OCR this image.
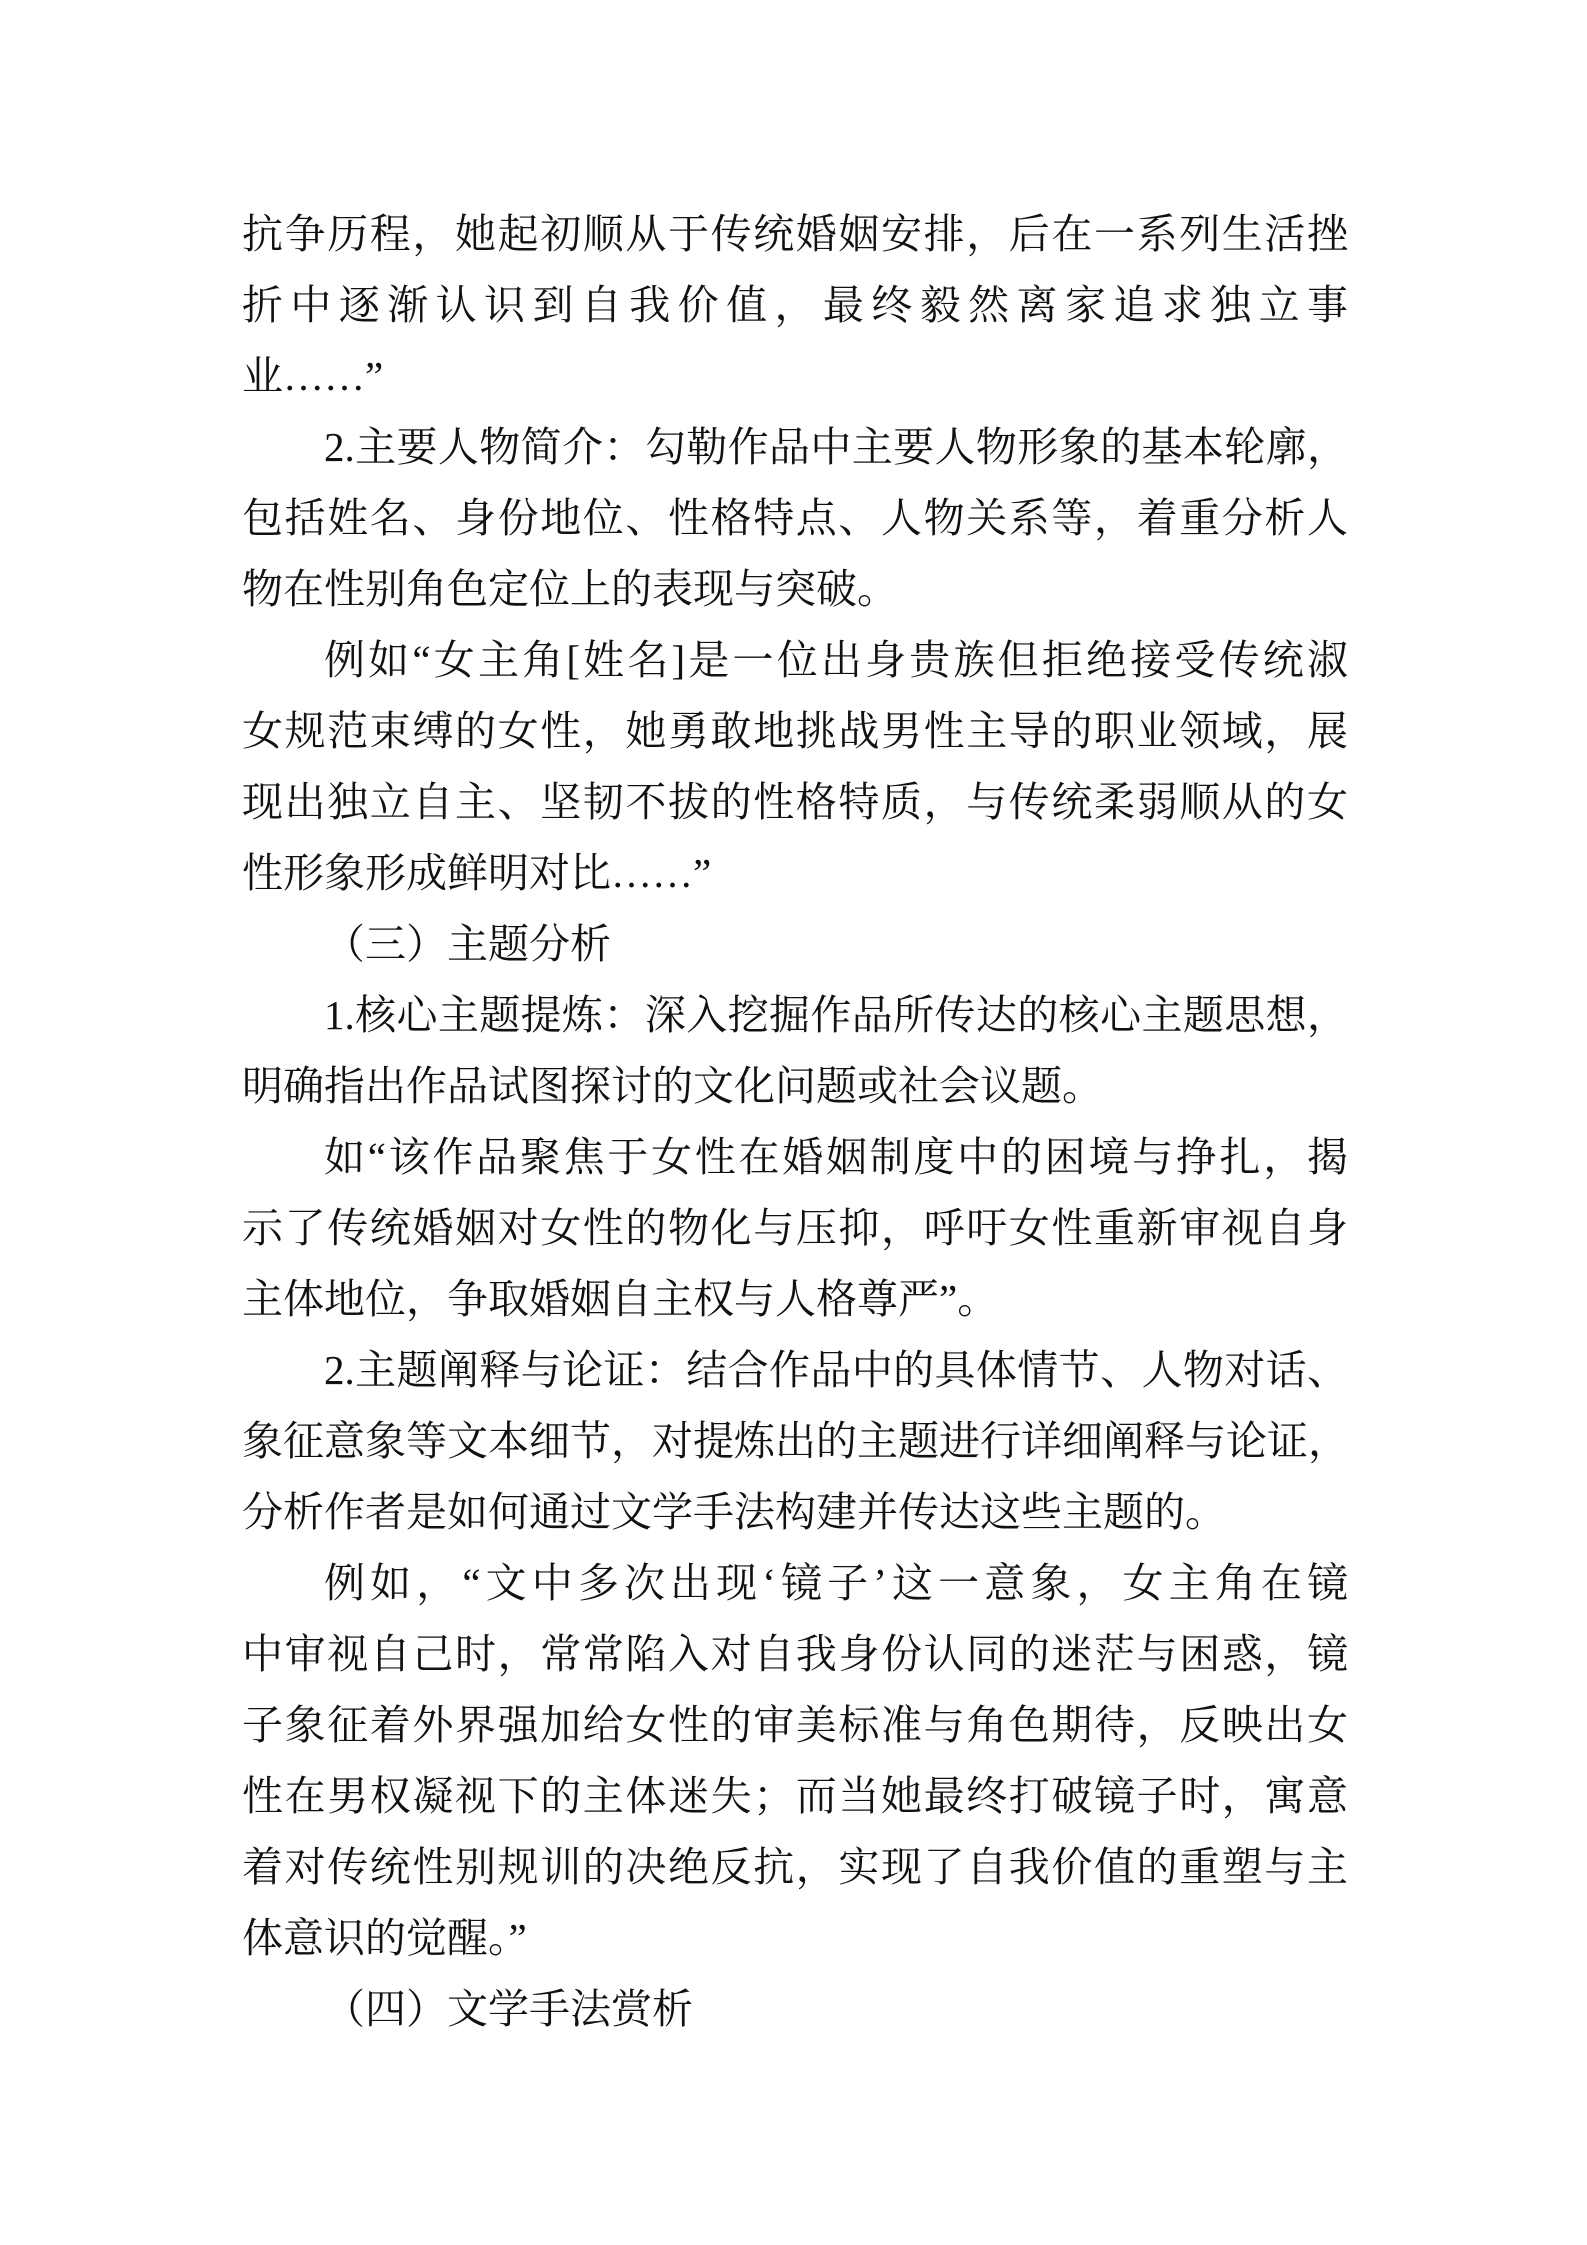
抗争历程，她起初顺从于传统婚姻安排，后在一系列生活挫
折中逐渐认识到自我价值，最终毅然离家追求独立事
业……”
2.主要人物简介：勾勒作品中主要人物形象的基本轮廓，
包括姓名、身份地位、性格特点、人物关系等，着重分析人
物在性别角色定位上的表现与突破。
例如“女主角[姓名]是一位出身贵族但拒绝接受传统淑
女规范束缚的女性，她勇敢地挑战男性主导的职业领域，展
现出独立自主、坚韧不拔的性格特质，与传统柔弱顺从的女
性形象形成鲜明对比……”
（三）主题分析
1.核心主题提炼：深入挖掘作品所传达的核心主题思想，
明确指出作品试图探讨的文化问题或社会议题。
如“该作品聚焦于女性在婚姻制度中的困境与挣扎，揭
示了传统婚姻对女性的物化与压抑，呼吁女性重新审视自身
主体地位，争取婚姻自主权与人格尊严”。
2.主题阐释与论证：结合作品中的具体情节、人物对话、
象征意象等文本细节，对提炼出的主题进行详细阐释与论证，
分析作者是如何通过文学手法构建并传达这些主题的。
例如，“文中多次出现‘镜子’这一意象，女主角在镜
中审视自己时，常常陷入对自我身份认同的迷茫与困惑，镜
子象征着外界强加给女性的审美标准与角色期待，反映出女
性在男权凝视下的主体迷失；而当她最终打破镜子时，寓意
着对传统性别规训的决绝反抗，实现了自我价值的重塑与主
体意识的觉醒。”
（四）文学手法赏析
